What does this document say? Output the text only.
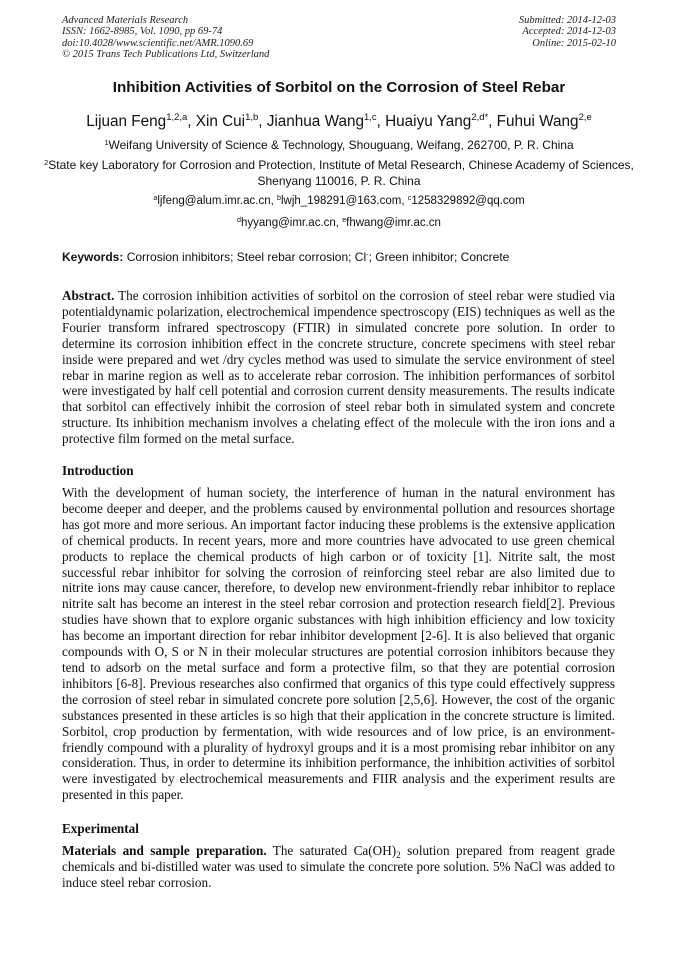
Advanced Materials Research
ISSN: 1662-8985, Vol. 1090, pp 69-74
doi:10.4028/www.scientific.net/AMR.1090.69
© 2015 Trans Tech Publications Ltd, Switzerland
Submitted: 2014-12-03
Accepted: 2014-12-03
Online: 2015-02-10
Inhibition Activities of Sorbitol on the Corrosion of Steel Rebar
Lijuan Feng$^{1,2,a}$, Xin Cui$^{1,b}$, Jianhua Wang$^{1,c}$, Huaiyu Yang$^{2,d*}$, Fuhui Wang$^{2,e}$
$^1$Weifang University of Science & Technology, Shouguang, Weifang, 262700, P. R. China
$^2$State key Laboratory for Corrosion and Protection, Institute of Metal Research, Chinese Academy of Sciences, Shenyang 110016, P. R. China
$^a$ljfeng@alum.imr.ac.cn, $^b$lwjh_198291@163.com, $^c$1258329892@qq.com
$^d$hyyang@imr.ac.cn, $^e$fhwang@imr.ac.cn
Keywords: Corrosion inhibitors; Steel rebar corrosion; Cl-; Green inhibitor; Concrete

Abstract. The corrosion inhibition activities of sorbitol on the corrosion of steel rebar were studied via potentialdynamic polarization, electrochemical impendence spectroscopy (EIS) techniques as well as the Fourier transform infrared spectroscopy (FTIR) in simulated concrete pore solution. In order to determine its corrosion inhibition effect in the concrete structure, concrete specimens with steel rebar inside were prepared and wet /dry cycles method was used to simulate the service environment of steel rebar in marine region as well as to accelerate rebar corrosion. The inhibition performances of sorbitol were investigated by half cell potential and corrosion current density measurements. The results indicate that sorbitol can effectively inhibit the corrosion of steel rebar both in simulated system and concrete structure. Its inhibition mechanism involves a chelating effect of the molecule with the iron ions and a protective film formed on the metal surface.

Introduction

With the development of human society, the interference of human in the natural environment has become deeper and deeper, and the problems caused by environmental pollution and resources shortage has got more and more serious. An important factor inducing these problems is the extensive application of chemical products. In recent years, more and more countries have advocated to use green chemical products to replace the chemical products of high carbon or of toxicity [1]. Nitrite salt, the most successful rebar inhibitor for solving the corrosion of reinforcing steel rebar are also limited due to nitrite ions may cause cancer, therefore, to develop new environment-friendly rebar inhibitor to replace nitrite salt has become an interest in the steel rebar corrosion and protection research field[2]. Previous studies have shown that to explore organic substances with high inhibition efficiency and low toxicity has become an important direction for rebar inhibitor development [2-6]. It is also believed that organic compounds with O, S or N in their molecular structures are potential corrosion inhibitors because they tend to adsorb on the metal surface and form a protective film, so that they are potential corrosion inhibitors [6-8]. Previous researches also confirmed that organics of this type could effectively suppress the corrosion of steel rebar in simulated concrete pore solution [2,5,6]. However, the cost of the organic substances presented in these articles is so high that their application in the concrete structure is limited. Sorbitol, crop production by fermentation, with wide resources and of low price, is an environment-friendly compound with a plurality of hydroxyl groups and it is a most promising rebar inhibitor on any consideration. Thus, in order to determine its inhibition performance, the inhibition activities of sorbitol were investigated by electrochemical measurements and FIIR analysis and the experiment results are presented in this paper.

Experimental

Materials and sample preparation. The saturated $Ca(OH)_2$ solution prepared from reagent grade chemicals and bi-distilled water was used to simulate the concrete pore solution. 5% NaCl was added to induce steel rebar corrosion.
